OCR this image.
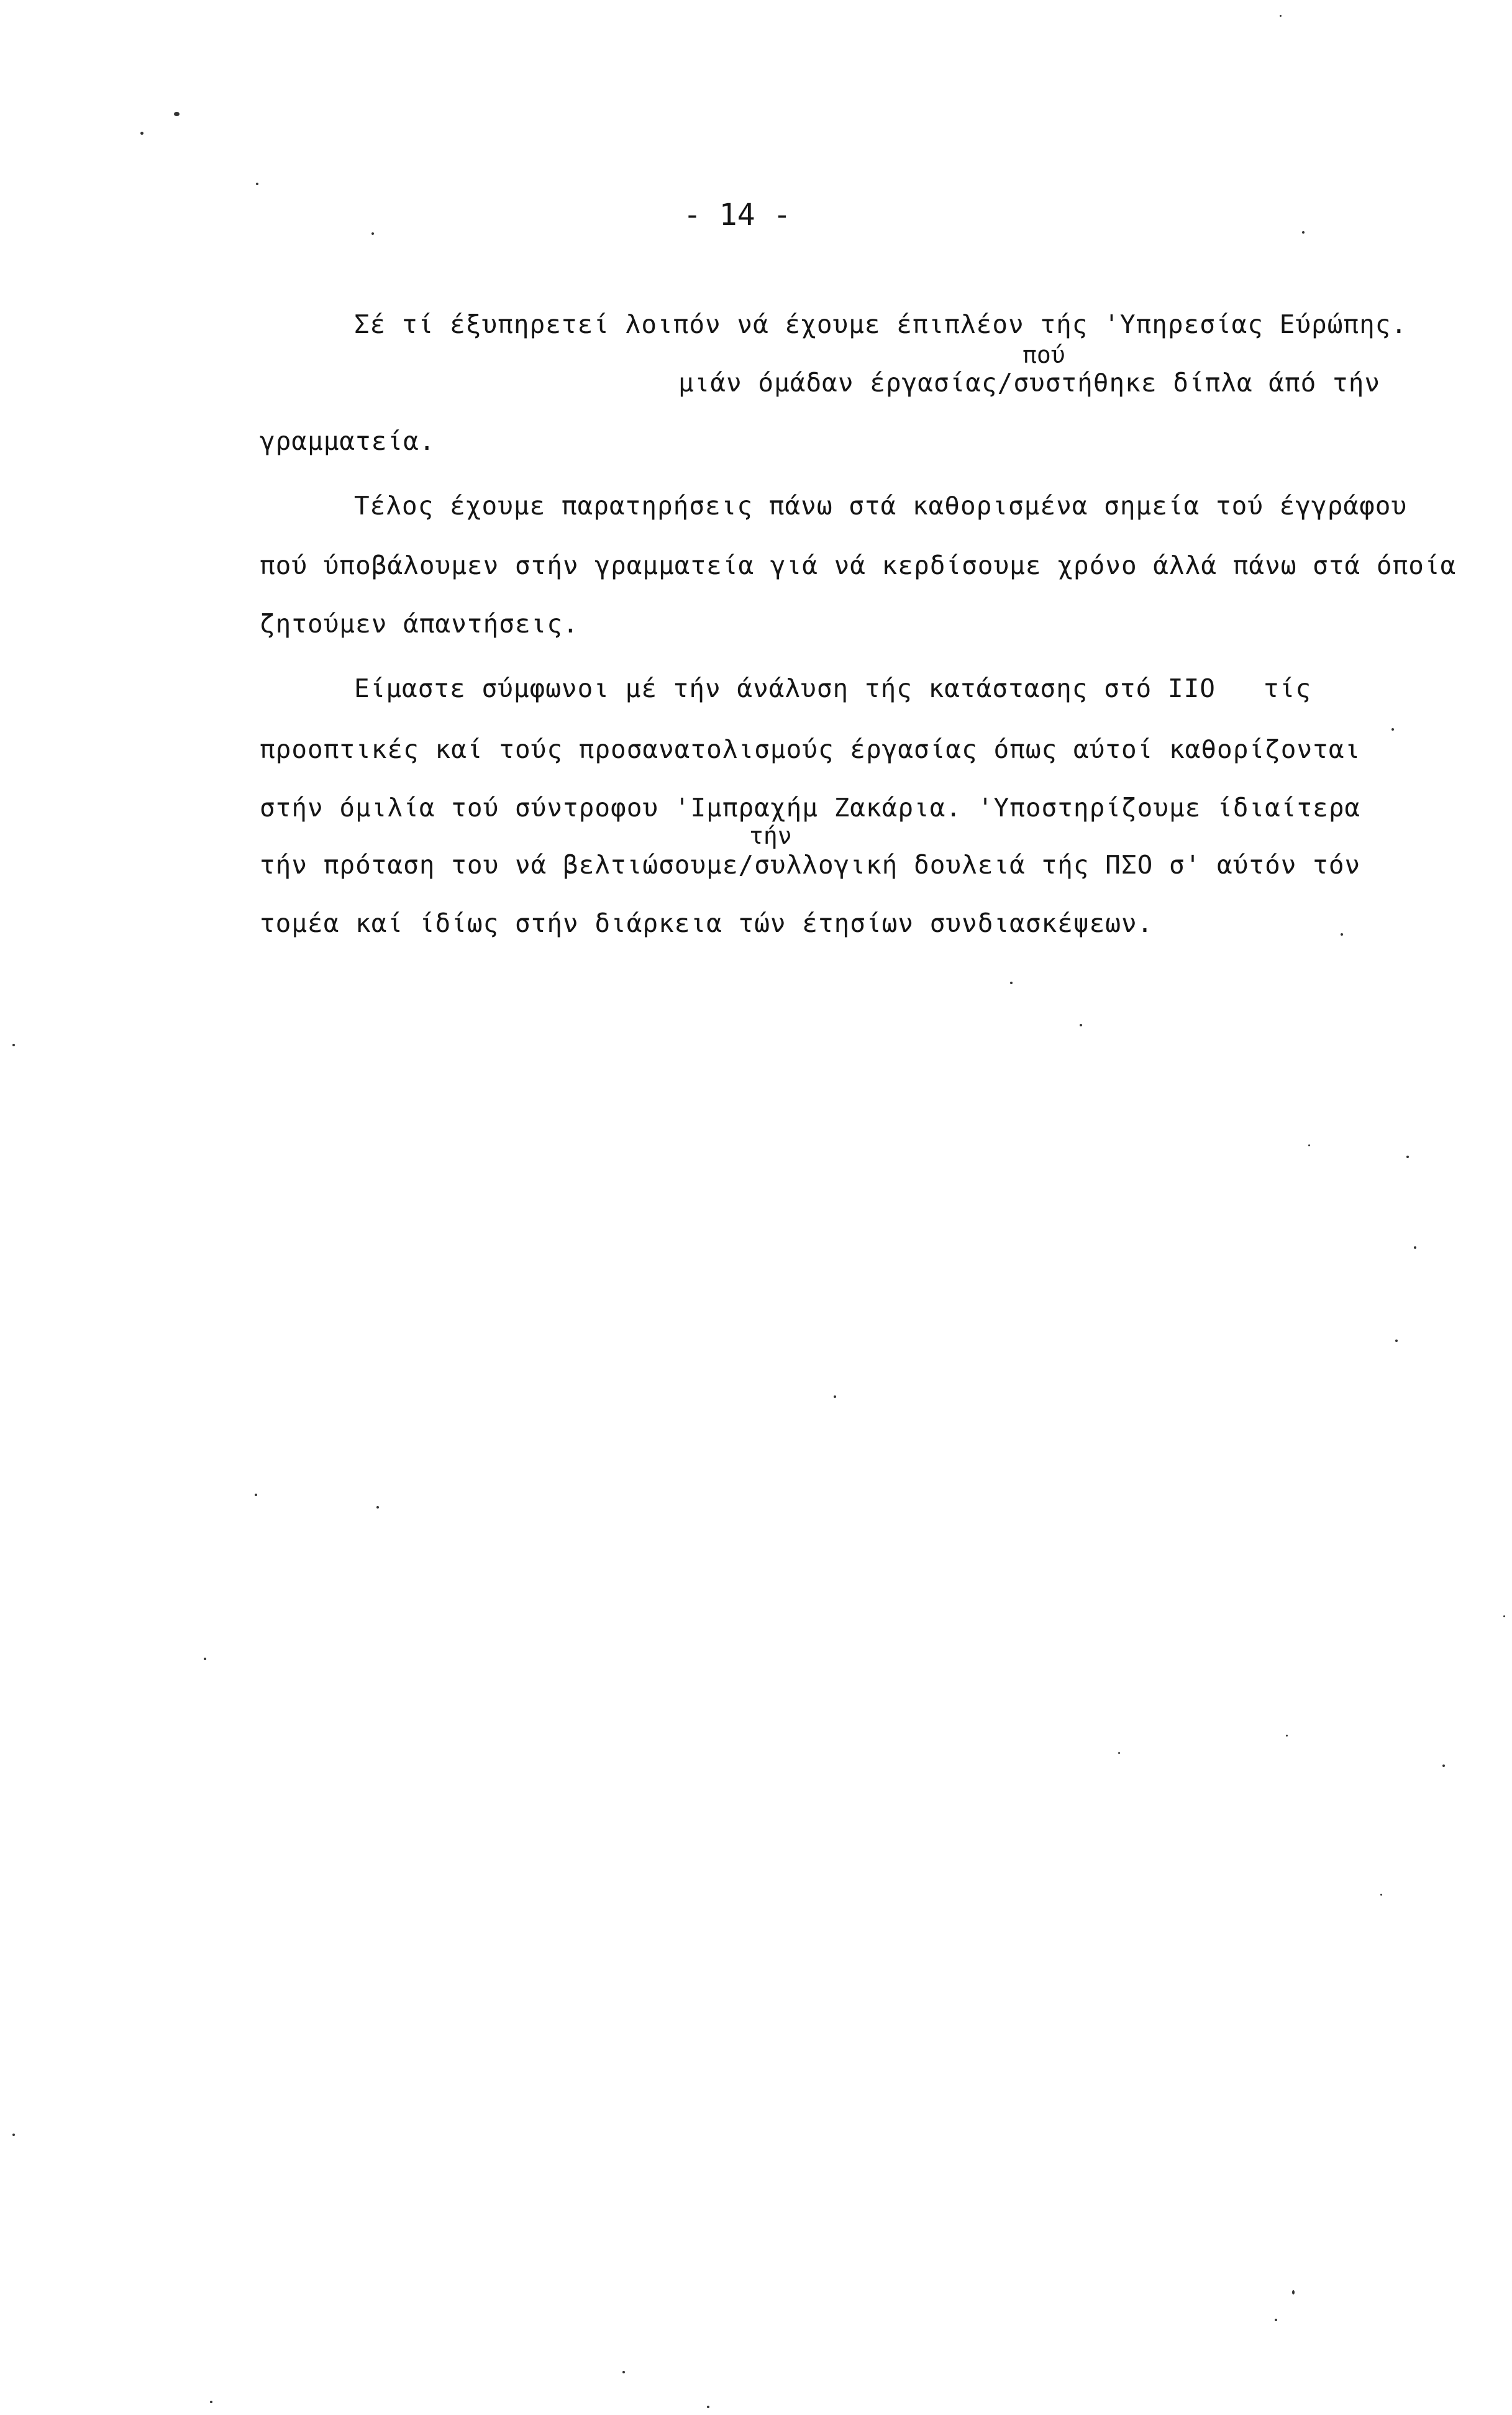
- 14 -
Σέ τί έξυπηρετεί λοιπόν νά έχουμε έπιπλέον τής 'Υπηρεσίας Εύρώπης.
πού
μιάν όμάδαν έργασίας/συστήθηκε δίπλα άπό τήν
γραμματεία.
Τέλος έχουμε παρατηρήσεις πάνω στά καθορισμένα σημεία τού έγγράφου
πού ύποβάλουμεν στήν γραμματεία γιά νά κερδίσουμε χρόνο άλλά πάνω στά όποία
ζητούμεν άπαντήσεις.
Είμαστε σύμφωνοι μέ τήν άνάλυση τής κατάστασης στό ΙΙΟ   τίς
προοπτικές καί τούς προσανατολισμούς έργασίας όπως αύτοί καθορίζονται
στήν όμιλία τού σύντροφου 'Ιμπραχήμ Ζακάρια. 'Υποστηρίζουμε ίδιαίτερα
τήν
τήν πρόταση του νά βελτιώσουμε/συλλογική δουλειά τής ΠΣΟ σ' αύτόν τόν
τομέα καί ίδίως στήν διάρκεια τών έτησίων συνδιασκέψεων.
